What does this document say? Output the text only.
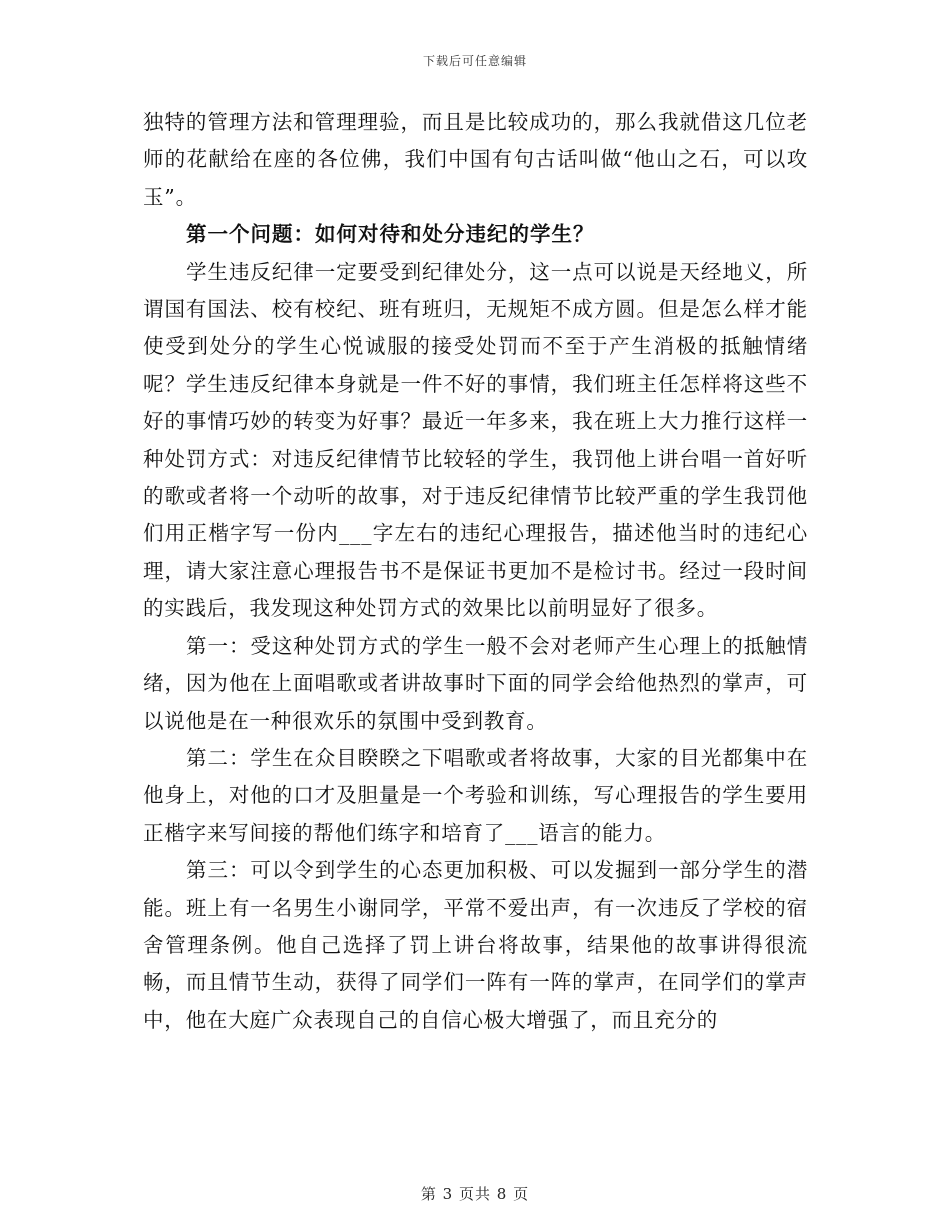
下载后可任意编辑

独特的管理方法和管理理验，而且是比较成功的，那么我就借这几位老师的花献给在座的各位佛，我们中国有句古话叫做“他山之石，可以攻玉”。

第一个问题：如何对待和处分违纪的学生？

学生违反纪律一定要受到纪律处分，这一点可以说是天经地义，所谓国有国法、校有校纪、班有班归，无规矩不成方圆。但是怎么样才能使受到处分的学生心悦诚服的接受处罚而不至于产生消极的抵触情绪呢？学生违反纪律本身就是一件不好的事情，我们班主任怎样将这些不好的事情巧妙的转变为好事？最近一年多来，我在班上大力推行这样一种处罚方式：对违反纪律情节比较轻的学生，我罚他上讲台唱一首好听的歌或者将一个动听的故事，对于违反纪律情节比较严重的学生我罚他们用正楷字写一份内___字左右的违纪心理报告，描述他当时的违纪心理，请大家注意心理报告书不是保证书更加不是检讨书。经过一段时间的实践后，我发现这种处罚方式的效果比以前明显好了很多。

第一：受这种处罚方式的学生一般不会对老师产生心理上的抵触情绪，因为他在上面唱歌或者讲故事时下面的同学会给他热烈的掌声，可以说他是在一种很欢乐的氛围中受到教育。

第二：学生在众目睽睽之下唱歌或者将故事，大家的目光都集中在他身上，对他的口才及胆量是一个考验和训练，写心理报告的学生要用正楷字来写间接的帮他们练字和培育了___语言的能力。

第三：可以令到学生的心态更加积极、可以发掘到一部分学生的潜能。班上有一名男生小谢同学，平常不爱出声，有一次违反了学校的宿舍管理条例。他自己选择了罚上讲台将故事，结果他的故事讲得很流畅，而且情节生动，获得了同学们一阵有一阵的掌声，在同学们的掌声中，他在大庭广众表现自己的自信心极大增强了，而且充分的

第 3 页共 8 页
